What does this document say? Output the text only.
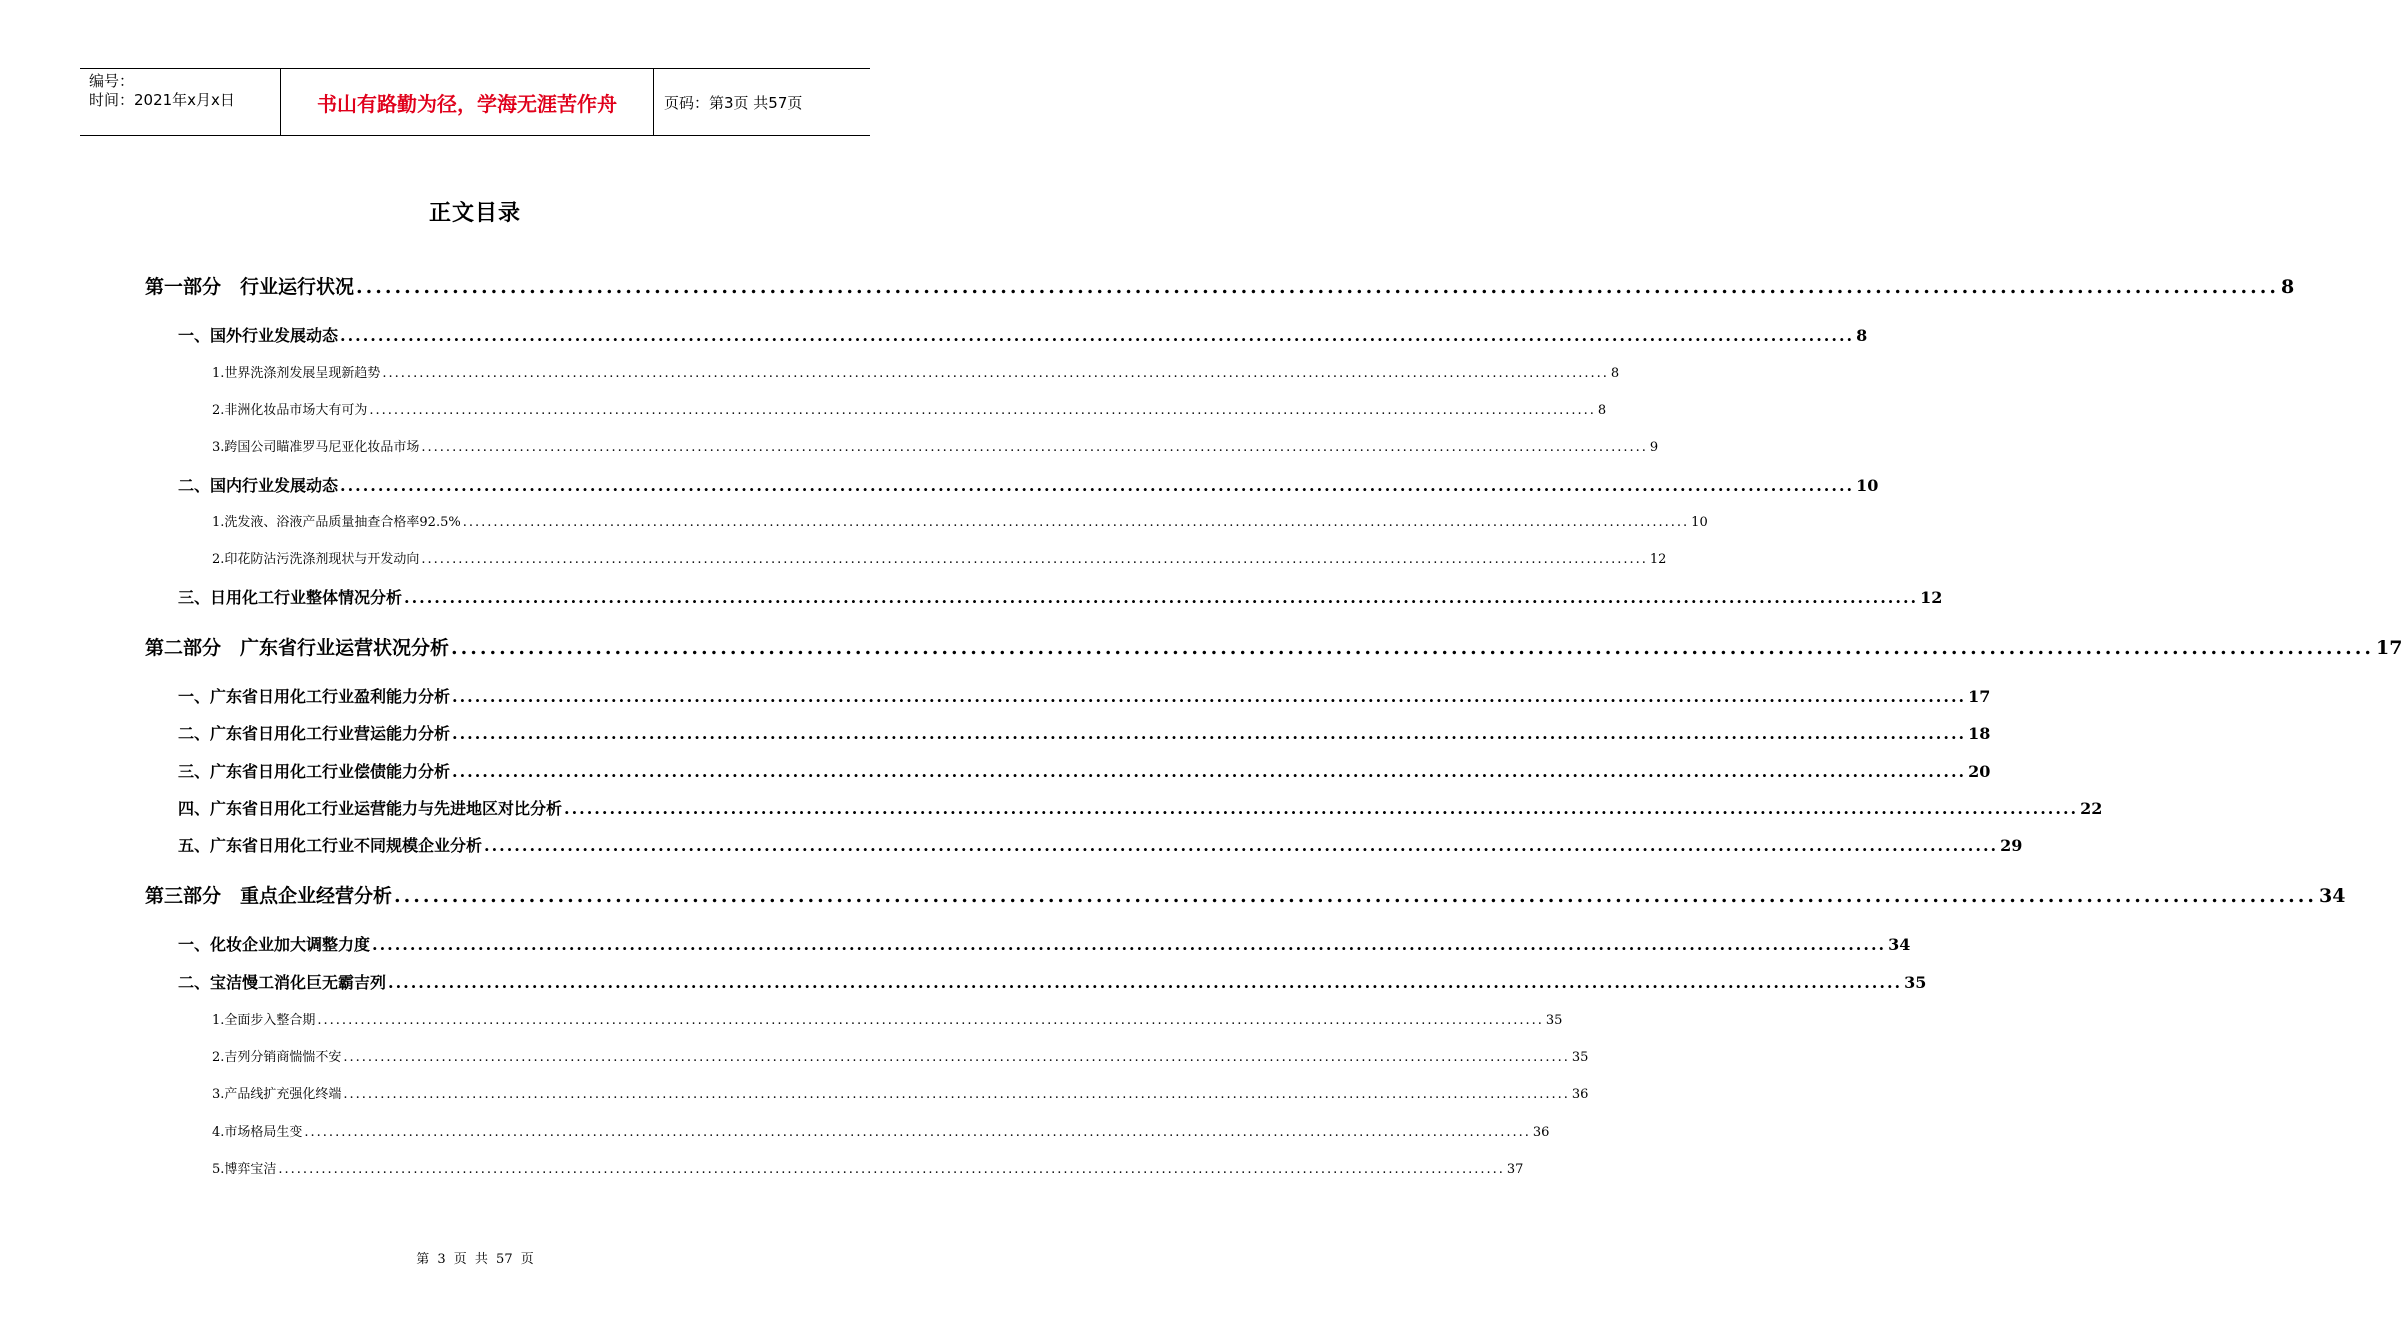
编号：
时间：2021年x月x日	书山有路勤为径，学海无涯苦作舟	页码：第3页 共57页
正文目录
第一部分　行业运行状况 ........................................................................................................................................................................................................ 8
一、国外行业发展动态 ........................................................................................................................................................................................................ 8
1.世界洗涤剂发展呈现新趋势 ........................................................................................................................................................................................................ 8
2.非洲化妆品市场大有可为 ........................................................................................................................................................................................................ 8
3.跨国公司瞄准罗马尼亚化妆品市场 ........................................................................................................................................................................................................ 9
二、国内行业发展动态 ........................................................................................................................................................................................................ 10
1.洗发液、浴液产品质量抽查合格率92.5% ........................................................................................................................................................................................................ 10
2.印花防沾污洗涤剂现状与开发动向 ........................................................................................................................................................................................................ 12
三、日用化工行业整体情况分析 ........................................................................................................................................................................................................ 12
第二部分　广东省行业运营状况分析 ........................................................................................................................................................................................................ 17
一、广东省日用化工行业盈利能力分析 ........................................................................................................................................................................................................ 17
二、广东省日用化工行业营运能力分析 ........................................................................................................................................................................................................ 18
三、广东省日用化工行业偿债能力分析 ........................................................................................................................................................................................................ 20
四、广东省日用化工行业运营能力与先进地区对比分析 ........................................................................................................................................................................................................ 22
五、广东省日用化工行业不同规模企业分析 ........................................................................................................................................................................................................ 29
第三部分　重点企业经营分析 ........................................................................................................................................................................................................ 34
一、化妆企业加大调整力度 ........................................................................................................................................................................................................ 34
二、宝洁慢工消化巨无霸吉列 ........................................................................................................................................................................................................ 35
1.全面步入整合期 ........................................................................................................................................................................................................ 35
2.吉列分销商惴惴不安 ........................................................................................................................................................................................................ 35
3.产品线扩充强化终端 ........................................................................................................................................................................................................ 36
4.市场格局生变 ........................................................................................................................................................................................................ 36
5.博弈宝洁 ........................................................................................................................................................................................................ 37
第 3 页 共 57 页
